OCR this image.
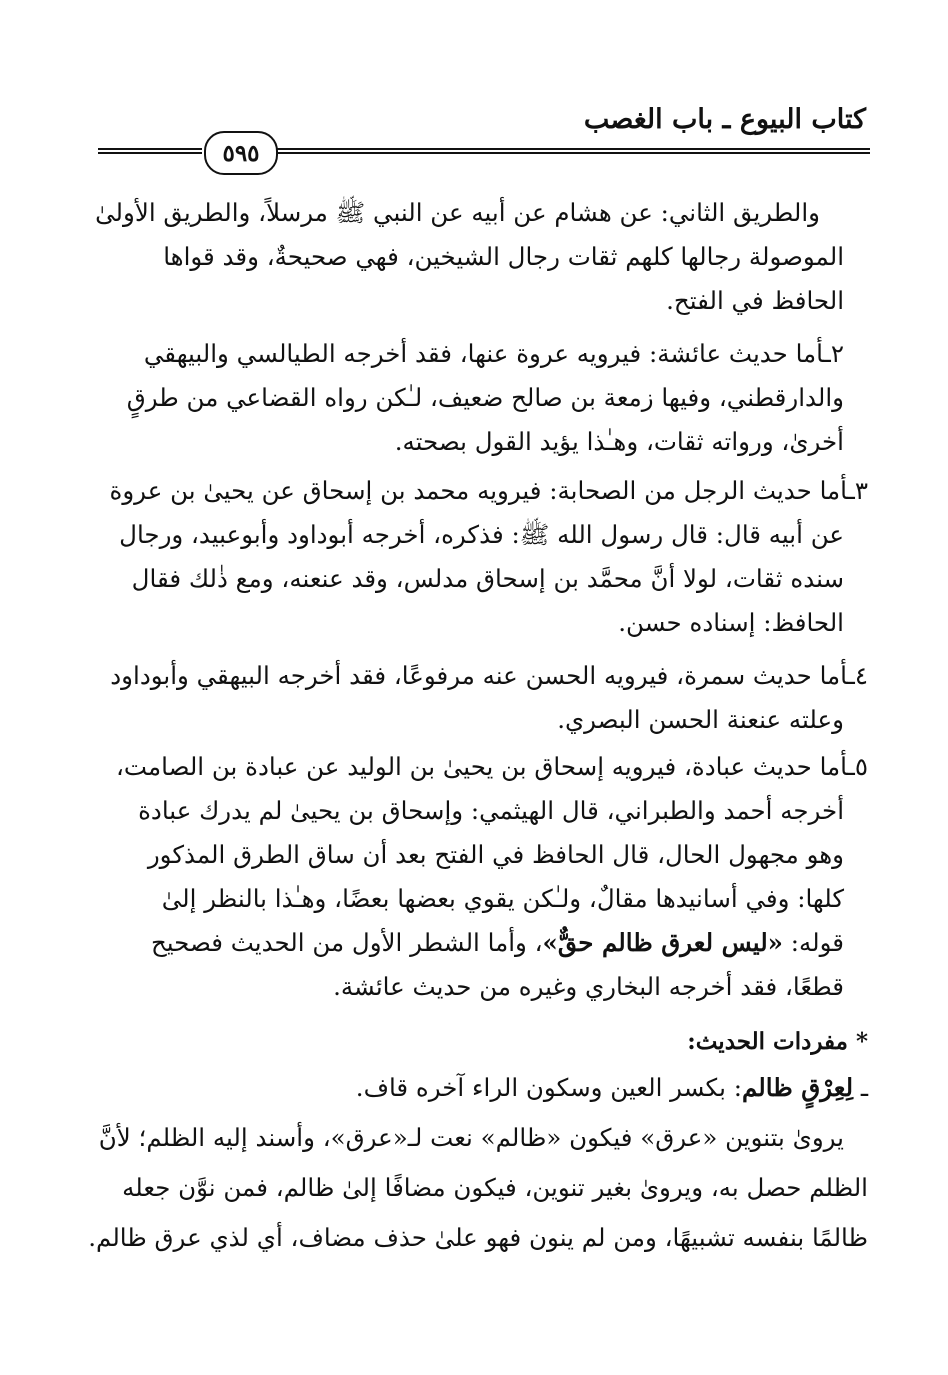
كتاب البيوع ـ باب الغصب
٥٩٥
والطريق الثاني: عن هشام عن أبيه عن النبي ﷺ مرسلاً، والطريق الأولىٰ
الموصولة رجالها كلهم ثقات رجال الشيخين، فهي صحيحةٌ، وقد قواها
الحافظ في الفتح.
٢ـأما حديث عائشة: فيرويه عروة عنها، فقد أخرجه الطيالسي والبيهقي
والدارقطني، وفيها زمعة بن صالح ضعيف، لـٰكن رواه القضاعي من طرقٍ
أخرىٰ، ورواته ثقات، وهـٰذا يؤيد القول بصحته.
٣ـأما حديث الرجل من الصحابة: فيرويه محمد بن إسحاق عن يحيىٰ بن عروة
عن أبيه قال: قال رسول الله ﷺ: فذكره، أخرجه أبوداود وأبوعبيد، ورجال
سنده ثقات، لولا أنَّ محمَّد بن إسحاق مدلس، وقد عنعنه، ومع ذٰلك فقال
الحافظ: إسناده حسن.
٤ـأما حديث سمرة، فيرويه الحسن عنه مرفوعًا، فقد أخرجه البيهقي وأبوداود
وعلته عنعنة الحسن البصري.
٥ـأما حديث عبادة، فيرويه إسحاق بن يحيىٰ بن الوليد عن عبادة بن الصامت،
أخرجه أحمد والطبراني، قال الهيثمي: وإسحاق بن يحيىٰ لم يدرك عبادة
وهو مجهول الحال، قال الحافظ في الفتح بعد أن ساق الطرق المذكور
كلها: وفي أسانيدها مقالٌ، ولـٰكن يقوي بعضها بعضًا، وهـٰذا بالنظر إلىٰ
قوله: «ليس لعرق ظالم حقٌّ»، وأما الشطر الأول من الحديث فصحيح
قطعًا، فقد أخرجه البخاري وغيره من حديث عائشة.
* مفردات الحديث:
ـ لِعِرْقٍ ظالم: بكسر العين وسكون الراء آخره قاف.
يروىٰ بتنوين «عرق» فيكون «ظالم» نعت لـ«عرق»، وأسند إليه الظلم؛ لأنَّ
الظلم حصل به، ويروىٰ بغير تنوين، فيكون مضافًا إلىٰ ظالم، فمن نوَّن جعله
ظالمًا بنفسه تشبيهًا، ومن لم ينون فهو علىٰ حذف مضاف، أي لذي عرق ظالم.
